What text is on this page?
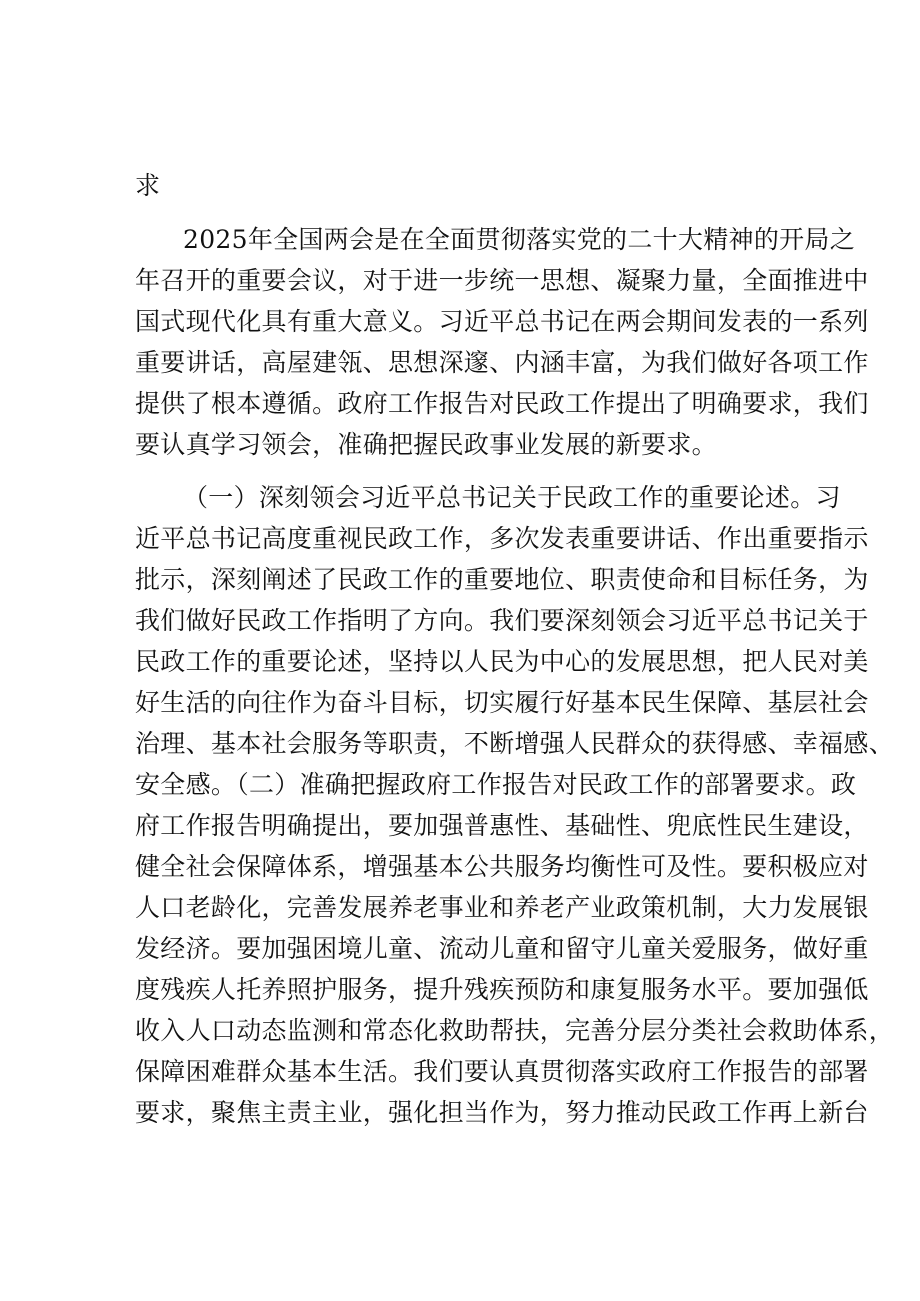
求
2025年全国两会是在全面贯彻落实党的二十大精神的开局之
年召开的重要会议，对于进一步统一思想、凝聚力量，全面推进中
国式现代化具有重大意义。习近平总书记在两会期间发表的一系列
重要讲话，高屋建瓴、思想深邃、内涵丰富，为我们做好各项工作
提供了根本遵循。政府工作报告对民政工作提出了明确要求，我们
要认真学习领会，准确把握民政事业发展的新要求。
（一）深刻领会习近平总书记关于民政工作的重要论述。习
近平总书记高度重视民政工作，多次发表重要讲话、作出重要指示
批示，深刻阐述了民政工作的重要地位、职责使命和目标任务，为
我们做好民政工作指明了方向。我们要深刻领会习近平总书记关于
民政工作的重要论述，坚持以人民为中心的发展思想，把人民对美
好生活的向往作为奋斗目标，切实履行好基本民生保障、基层社会
治理、基本社会服务等职责，不断增强人民群众的获得感、幸福感、
安全感。（二）准确把握政府工作报告对民政工作的部署要求。政
府工作报告明确提出，要加强普惠性、基础性、兜底性民生建设，
健全社会保障体系，增强基本公共服务均衡性可及性。要积极应对
人口老龄化，完善发展养老事业和养老产业政策机制，大力发展银
发经济。要加强困境儿童、流动儿童和留守儿童关爱服务，做好重
度残疾人托养照护服务，提升残疾预防和康复服务水平。要加强低
收入人口动态监测和常态化救助帮扶，完善分层分类社会救助体系，
保障困难群众基本生活。我们要认真贯彻落实政府工作报告的部署
要求，聚焦主责主业，强化担当作为，努力推动民政工作再上新台
